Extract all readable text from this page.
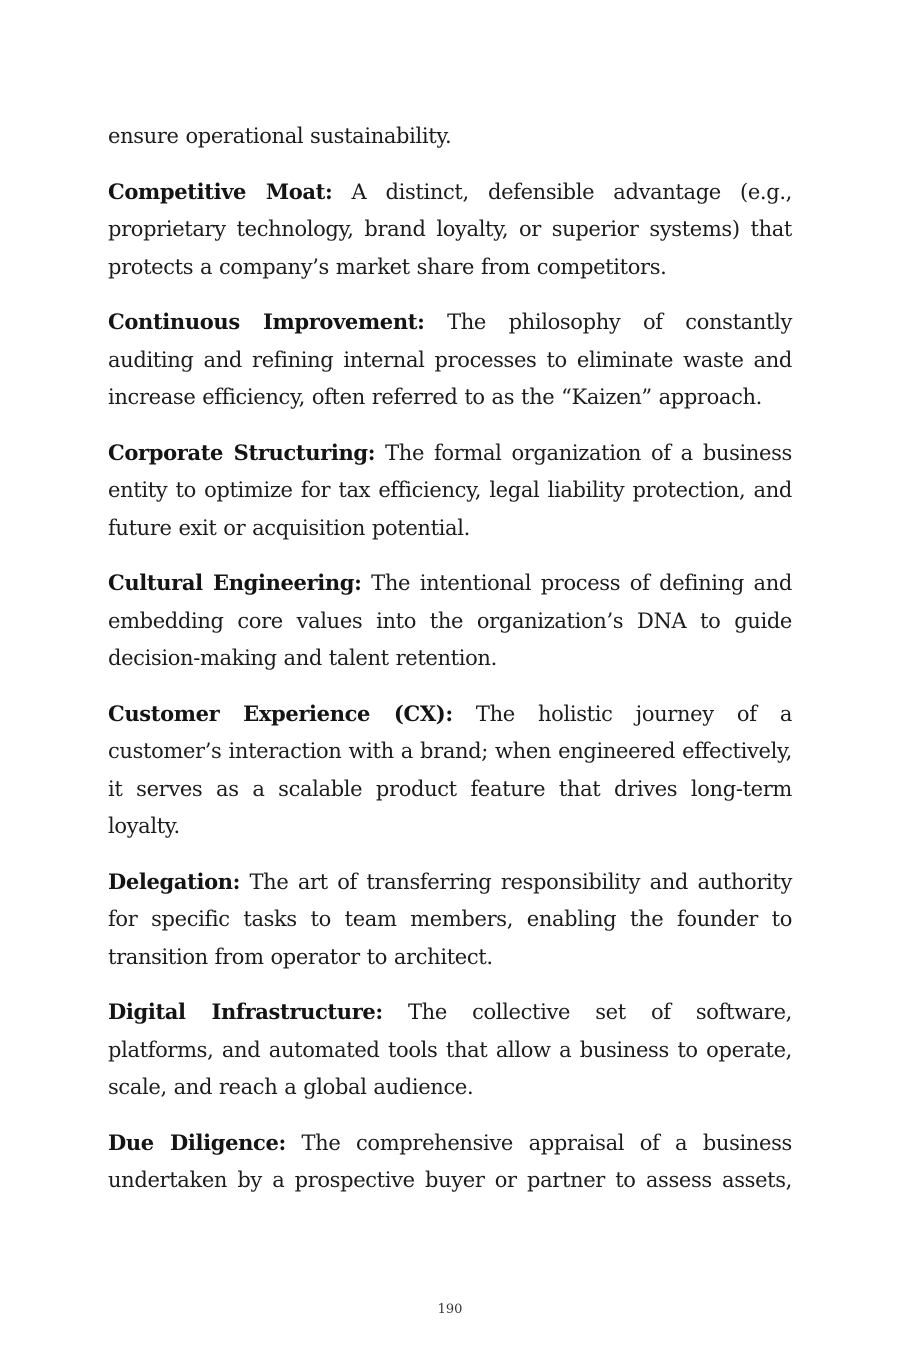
ensure operational sustainability.

Competitive Moat: A distinct, defensible advantage (e.g., proprietary technology, brand loyalty, or superior systems) that protects a company’s market share from competitors.

Continuous Improvement: The philosophy of constantly auditing and refining internal processes to eliminate waste and increase efficiency, often referred to as the “Kaizen” approach.

Corporate Structuring: The formal organization of a business entity to optimize for tax efficiency, legal liability protection, and future exit or acquisition potential.

Cultural Engineering: The intentional process of defining and embedding core values into the organization’s DNA to guide decision-making and talent retention.

Customer Experience (CX): The holistic journey of a customer’s interaction with a brand; when engineered effectively, it serves as a scalable product feature that drives long-term loyalty.

Delegation: The art of transferring responsibility and authority for specific tasks to team members, enabling the founder to transition from operator to architect.

Digital Infrastructure: The collective set of software, platforms, and automated tools that allow a business to operate, scale, and reach a global audience.

Due Diligence: The comprehensive appraisal of a business undertaken by a prospective buyer or partner to assess assets,

190
